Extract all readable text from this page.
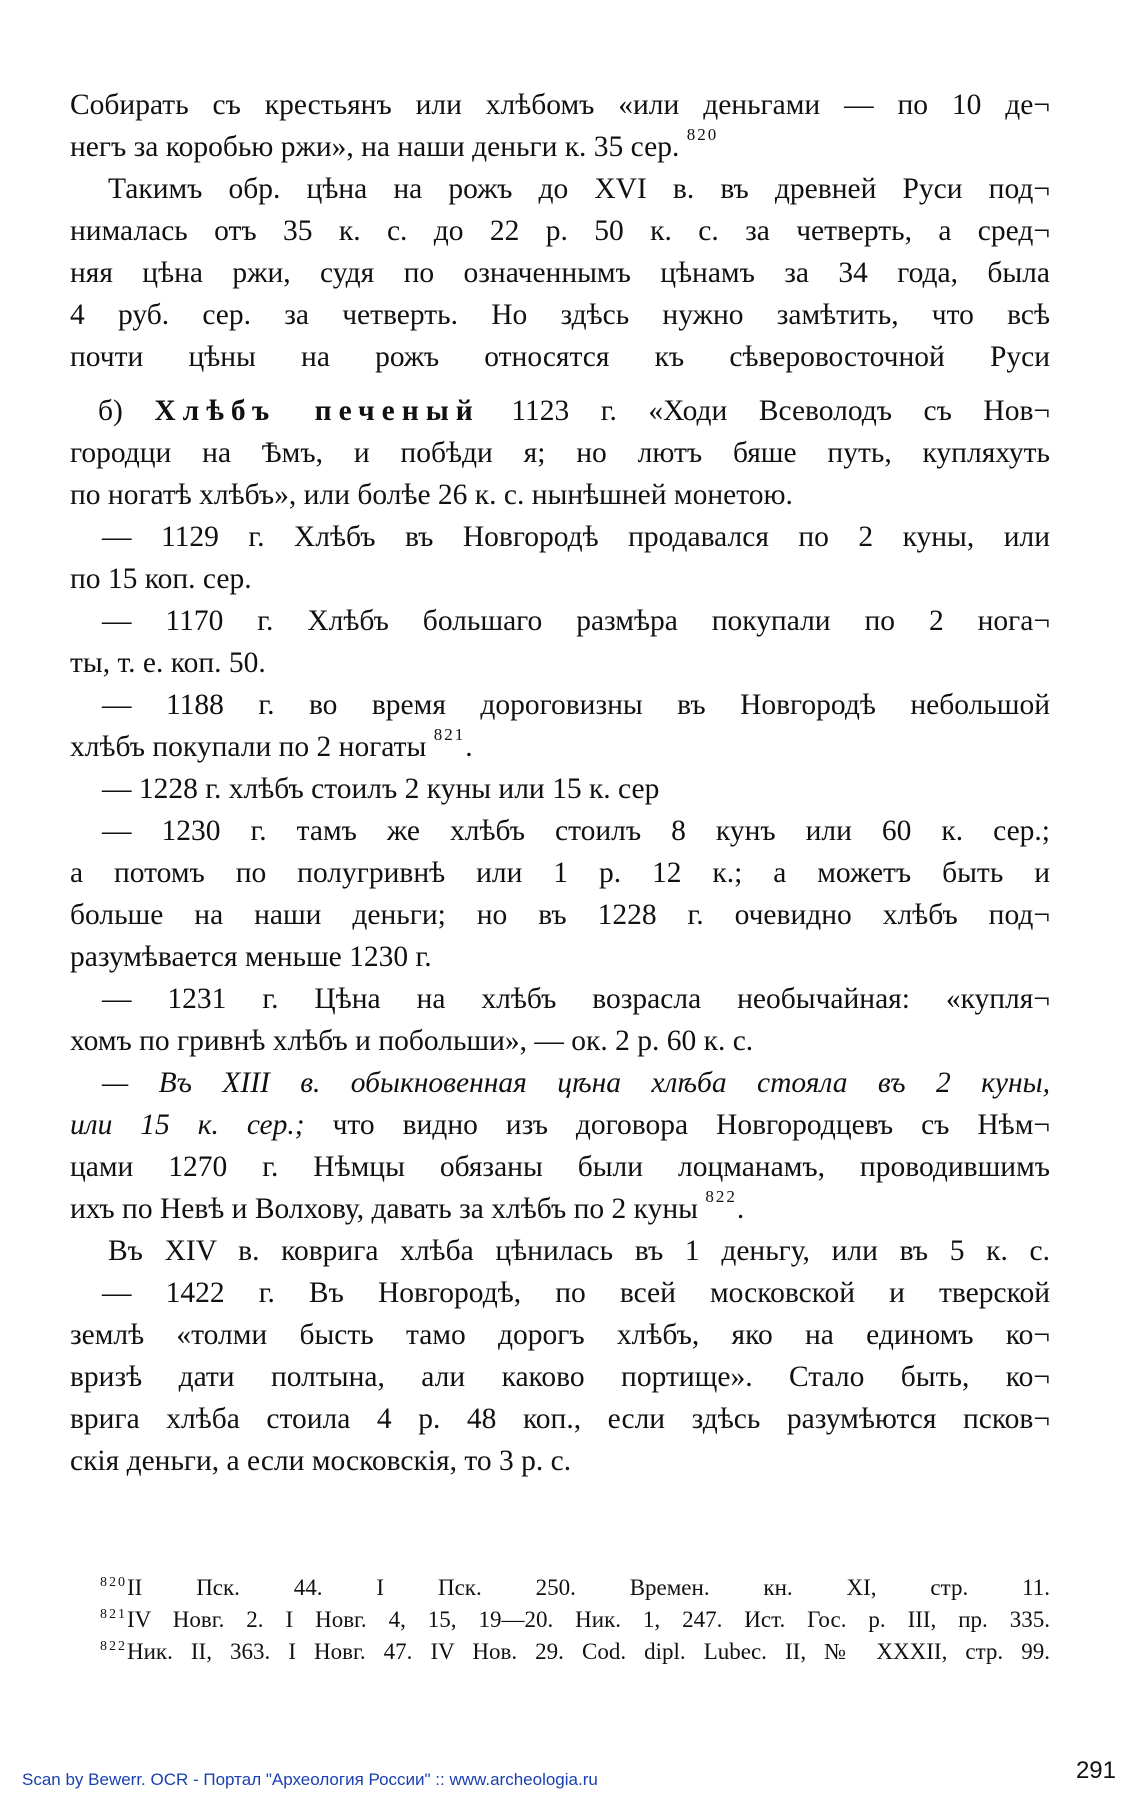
Собирать съ крестьянъ или хлѣбомъ «или деньгами — по 10 де¬
негъ за коробью ржи», на наши деньги к. 35 сер. $^{820}$
Такимъ обр. цѣна на рожъ до XVI в. въ древней Руси под¬
нималась отъ 35 к. с. до 22 р. 50 к. с. за четверть, а сред¬
няя цѣна ржи, судя по означеннымъ цѣнамъ за 34 года, была
4 руб. сер. за четверть. Но здѣсь нужно замѣтить, что всѣ
почти цѣны на рожъ относятся къ сѣверовосточной Руси
б) Хлѣбъ печеный 1123 г. «Ходи Всеволодъ съ Нов¬
городци на Ѣмъ, и побѣди я; но лютъ бяше путь, купляхуть
по ногатѣ хлѣбъ», или болѣе 26 к. с. нынѣшней монетою.
— 1129 г. Хлѣбъ въ Новгородѣ продавался по 2 куны, или
по 15 коп. сер.
— 1170 г. Хлѣбъ большаго размѣра покупали по 2 нога¬
ты, т. е. коп. 50.
— 1188 г. во время дороговизны въ Новгородѣ небольшой
хлѣбъ покупали по 2 ногаты $^{821}$.
— 1228 г. хлѣбъ стоилъ 2 куны или 15 к. сер
— 1230 г. тамъ же хлѣбъ стоилъ 8 кунъ или 60 к. сер.;
а потомъ по полугривнѣ или 1 р. 12 к.; а можетъ быть и
больше на наши деньги; но въ 1228 г. очевидно хлѣбъ под¬
разумѣвается меньше 1230 г.
— 1231 г. Цѣна на хлѣбъ возрасла необычайная: «купля¬
хомъ по гривнѣ хлѣбъ и побольши», — ок. 2 р. 60 к. с.
— Въ XIII в. обыкновенная цѣна хлѣба стояла въ 2 куны,
или 15 к. сер.; что видно изъ договора Новгородцевъ съ Нѣм¬
цами 1270 г. Нѣмцы обязаны были лоцманамъ, проводившимъ
ихъ по Невѣ и Волхову, давать за хлѣбъ по 2 куны $^{822}$.
Въ XIV в. коврига хлѣба цѣнилась въ 1 деньгу, или въ 5 к. с.
— 1422 г. Въ Новгородѣ, по всей московской и тверской
землѣ «толми бысть тамо дорогъ хлѣбъ, яко на единомъ ко¬
вризѣ дати полтына, али каково портище». Стало быть, ко¬
врига хлѣба стоила 4 р. 48 коп., если здѣсь разумѣются псков¬
скія деньги, а если московскія, то 3 р. с.
$^{820}$II Пск. 44. I Пск. 250. Времен. кн. XI, стр. 11.
$^{821}$IV Новг. 2. I Новг. 4, 15, 19—20. Ник. 1, 247. Ист. Гос. р. III, пр. 335.
$^{822}$Ник. II, 363. I Новг. 47. IV Нов. 29. Cod. dipl. Lubec. II, № XXXII, стр. 99.
Scan by Bewerr. OCR - Портал "Археология России" :: www.archeologia.ru	291
